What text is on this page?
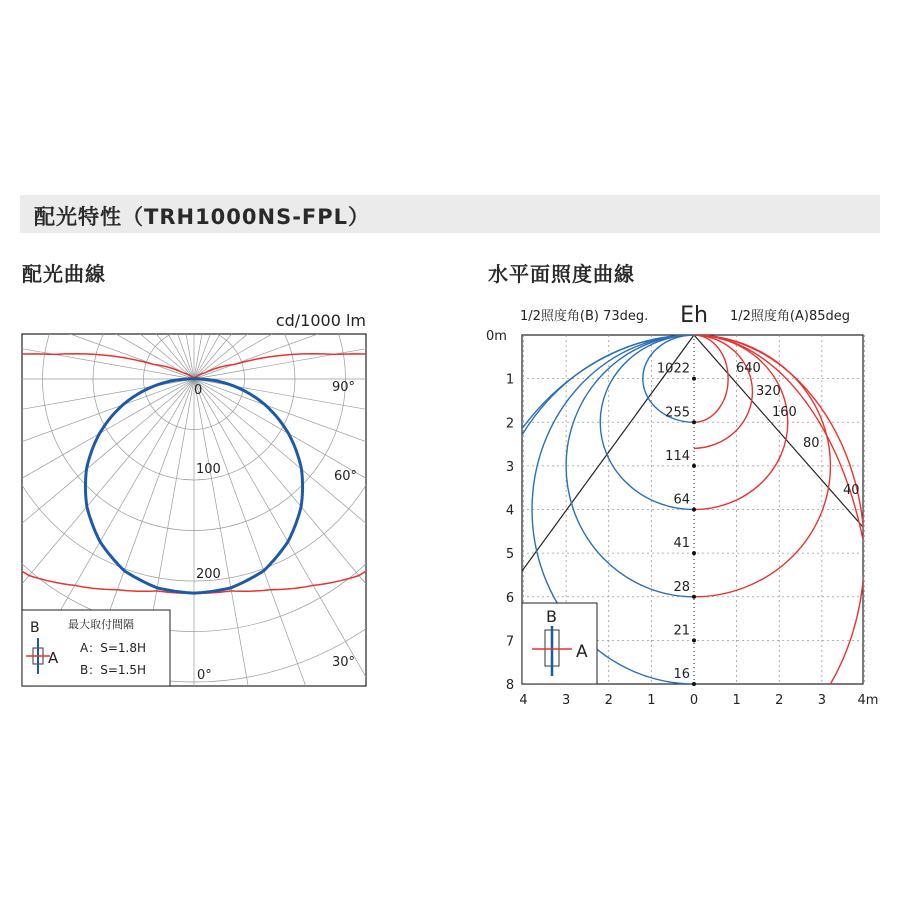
配光特性（TRH1000NS-FPL）
配光曲線	水平面照度曲線
cd/1000 lm
0
100
200
90°
60°
30°
0°
B
A
最大取付間隔
A：S=1.8H
B：S=1.5H
1/2照度角(B) 73deg. Eh 1/2照度角(A)85deg
1022
255
114
64
41
28
21
16
640
320
160
80
40
0m
1
2
3
4
5
6
7
8
4	3	2	1	0	1	2	3 4m
B
A
